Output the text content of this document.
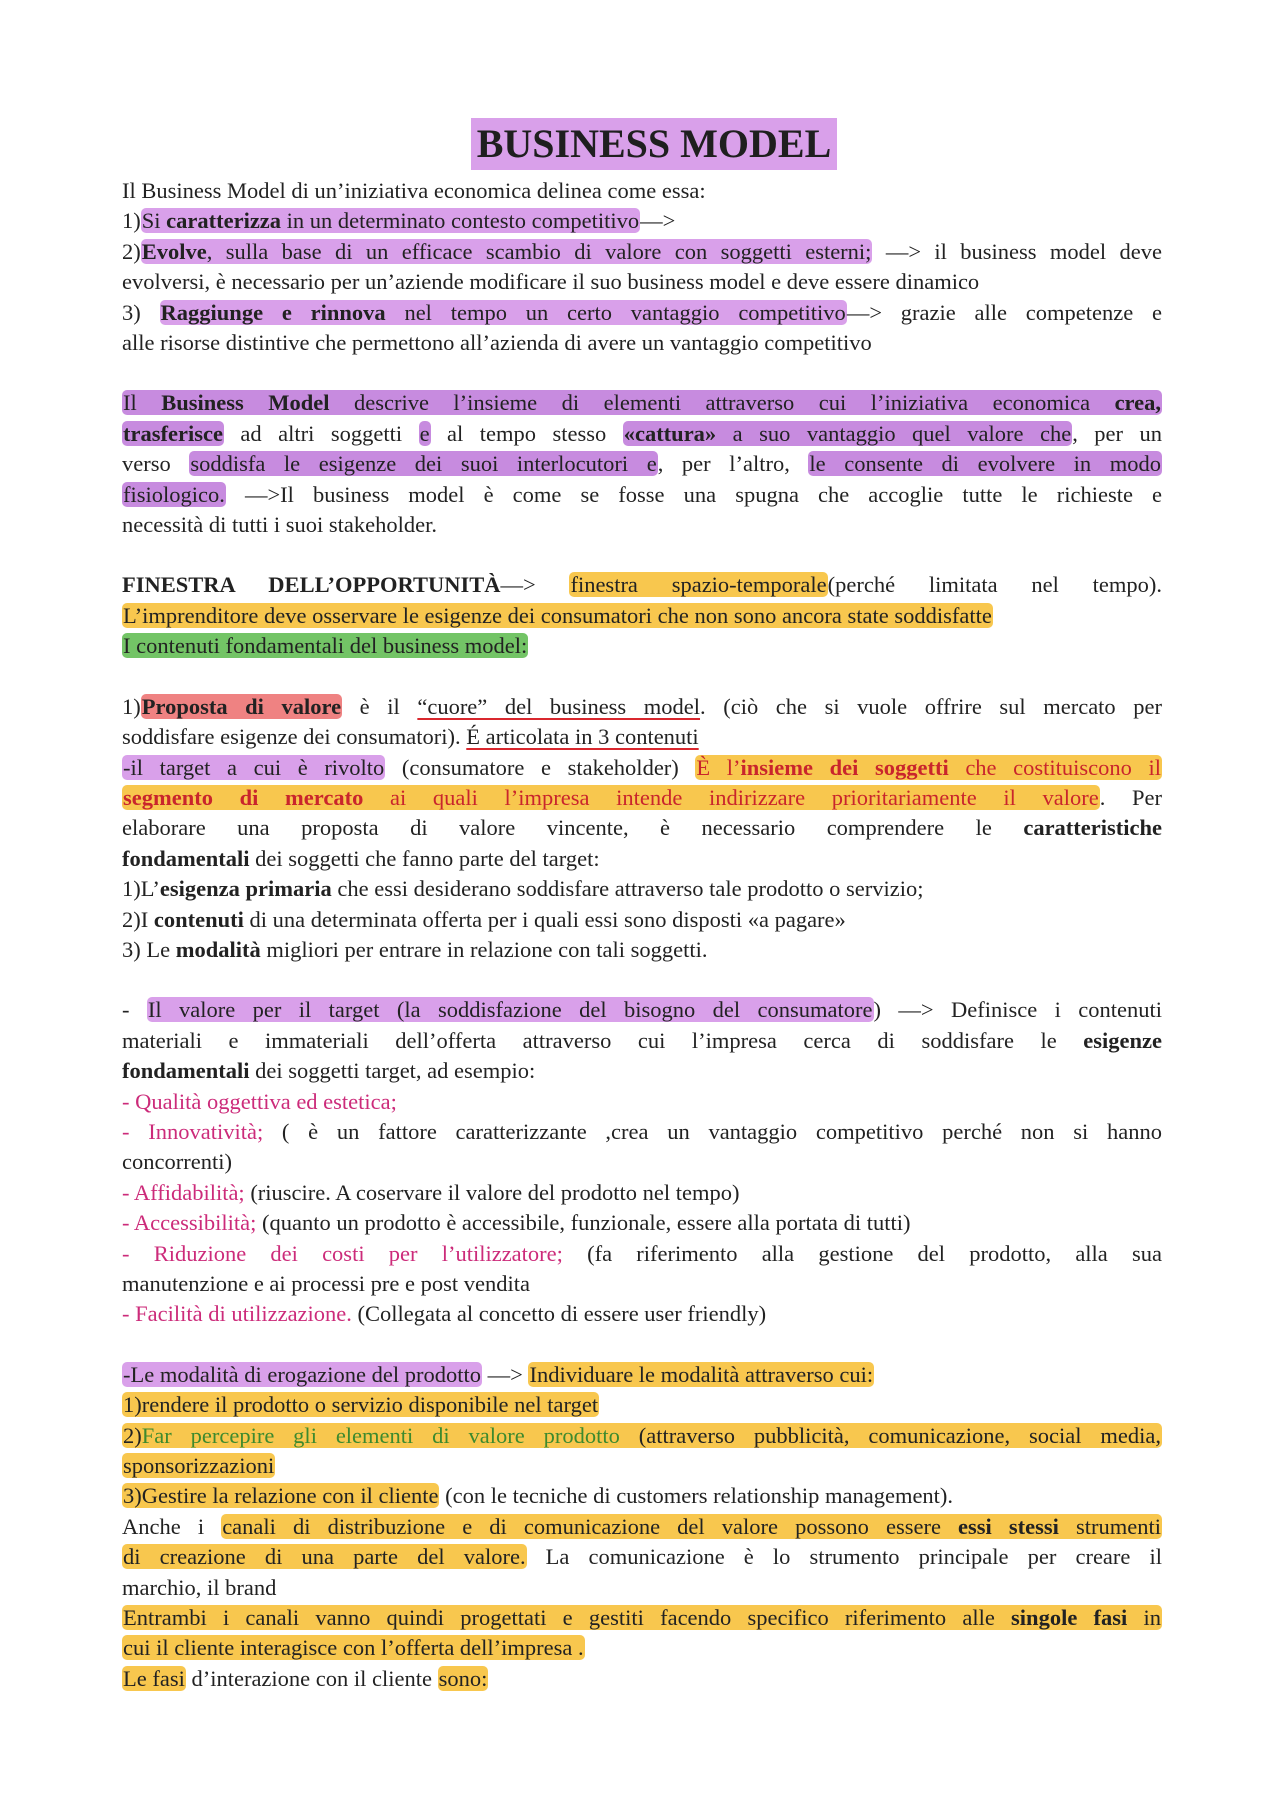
BUSINESS MODEL
Il Business Model di un’iniziativa economica delinea come essa:
1)Si caratterizza in un determinato contesto competitivo—>
2)Evolve, sulla base di un efficace scambio di valore con soggetti esterni; —> il business model deve
evolversi, è necessario per un’aziende modificare il suo business model e deve essere dinamico
3) Raggiunge e rinnova nel tempo un certo vantaggio competitivo—> grazie alle competenze e
alle risorse distintive che permettono all’azienda di avere un vantaggio competitivo
Il Business Model descrive l’insieme di elementi attraverso cui l’iniziativa economica crea,
trasferisce ad altri soggetti e al tempo stesso «cattura» a suo vantaggio quel valore che, per un
verso soddisfa le esigenze dei suoi interlocutori e, per l’altro, le consente di evolvere in modo
fisiologico. —>Il business model è come se fosse una spugna che accoglie tutte le richieste e
necessità di tutti i suoi stakeholder.
FINESTRA DELL’OPPORTUNITÀ—> finestra spazio-temporale(perché limitata nel tempo).
L’imprenditore deve osservare le esigenze dei consumatori che non sono ancora state soddisfatte
I contenuti fondamentali del business model:
1)Proposta di valore è il “cuore” del business model. (ciò che si vuole offrire sul mercato per
soddisfare esigenze dei consumatori). É articolata in 3 contenuti
-il target a cui è rivolto (consumatore e stakeholder) È l’insieme dei soggetti che costituiscono il
segmento di mercato ai quali l’impresa intende indirizzare prioritariamente il valore. Per
elaborare una proposta di valore vincente, è necessario comprendere le caratteristiche
fondamentali dei soggetti che fanno parte del target:
1)L’esigenza primaria che essi desiderano soddisfare attraverso tale prodotto o servizio;
2)I contenuti di una determinata offerta per i quali essi sono disposti «a pagare»
3) Le modalità migliori per entrare in relazione con tali soggetti.
- Il valore per il target (la soddisfazione del bisogno del consumatore) —> Definisce i contenuti
materiali e immateriali dell’offerta attraverso cui l’impresa cerca di soddisfare le esigenze
fondamentali dei soggetti target, ad esempio:
- Qualità oggettiva ed estetica;
- Innovatività; ( è un fattore caratterizzante ,crea un vantaggio competitivo perché non si hanno
concorrenti)
- Affidabilità; (riuscire. A coservare il valore del prodotto nel tempo)
- Accessibilità; (quanto un prodotto è accessibile, funzionale, essere alla portata di tutti)
- Riduzione dei costi per l’utilizzatore; (fa riferimento alla gestione del prodotto, alla sua
manutenzione e ai processi pre e post vendita
- Facilità di utilizzazione. (Collegata al concetto di essere user friendly)
-Le modalità di erogazione del prodotto —> Individuare le modalità attraverso cui:
1)rendere il prodotto o servizio disponibile nel target
2)Far percepire gli elementi di valore prodotto (attraverso pubblicità, comunicazione, social media,
sponsorizzazioni
3)Gestire la relazione con il cliente (con le tecniche di customers relationship management).
Anche i canali di distribuzione e di comunicazione del valore possono essere essi stessi strumenti
di creazione di una parte del valore. La comunicazione è lo strumento principale per creare il
marchio, il brand
Entrambi i canali vanno quindi progettati e gestiti facendo specifico riferimento alle singole fasi in
cui il cliente interagisce con l’offerta dell’impresa .
Le fasi d’interazione con il cliente sono:
